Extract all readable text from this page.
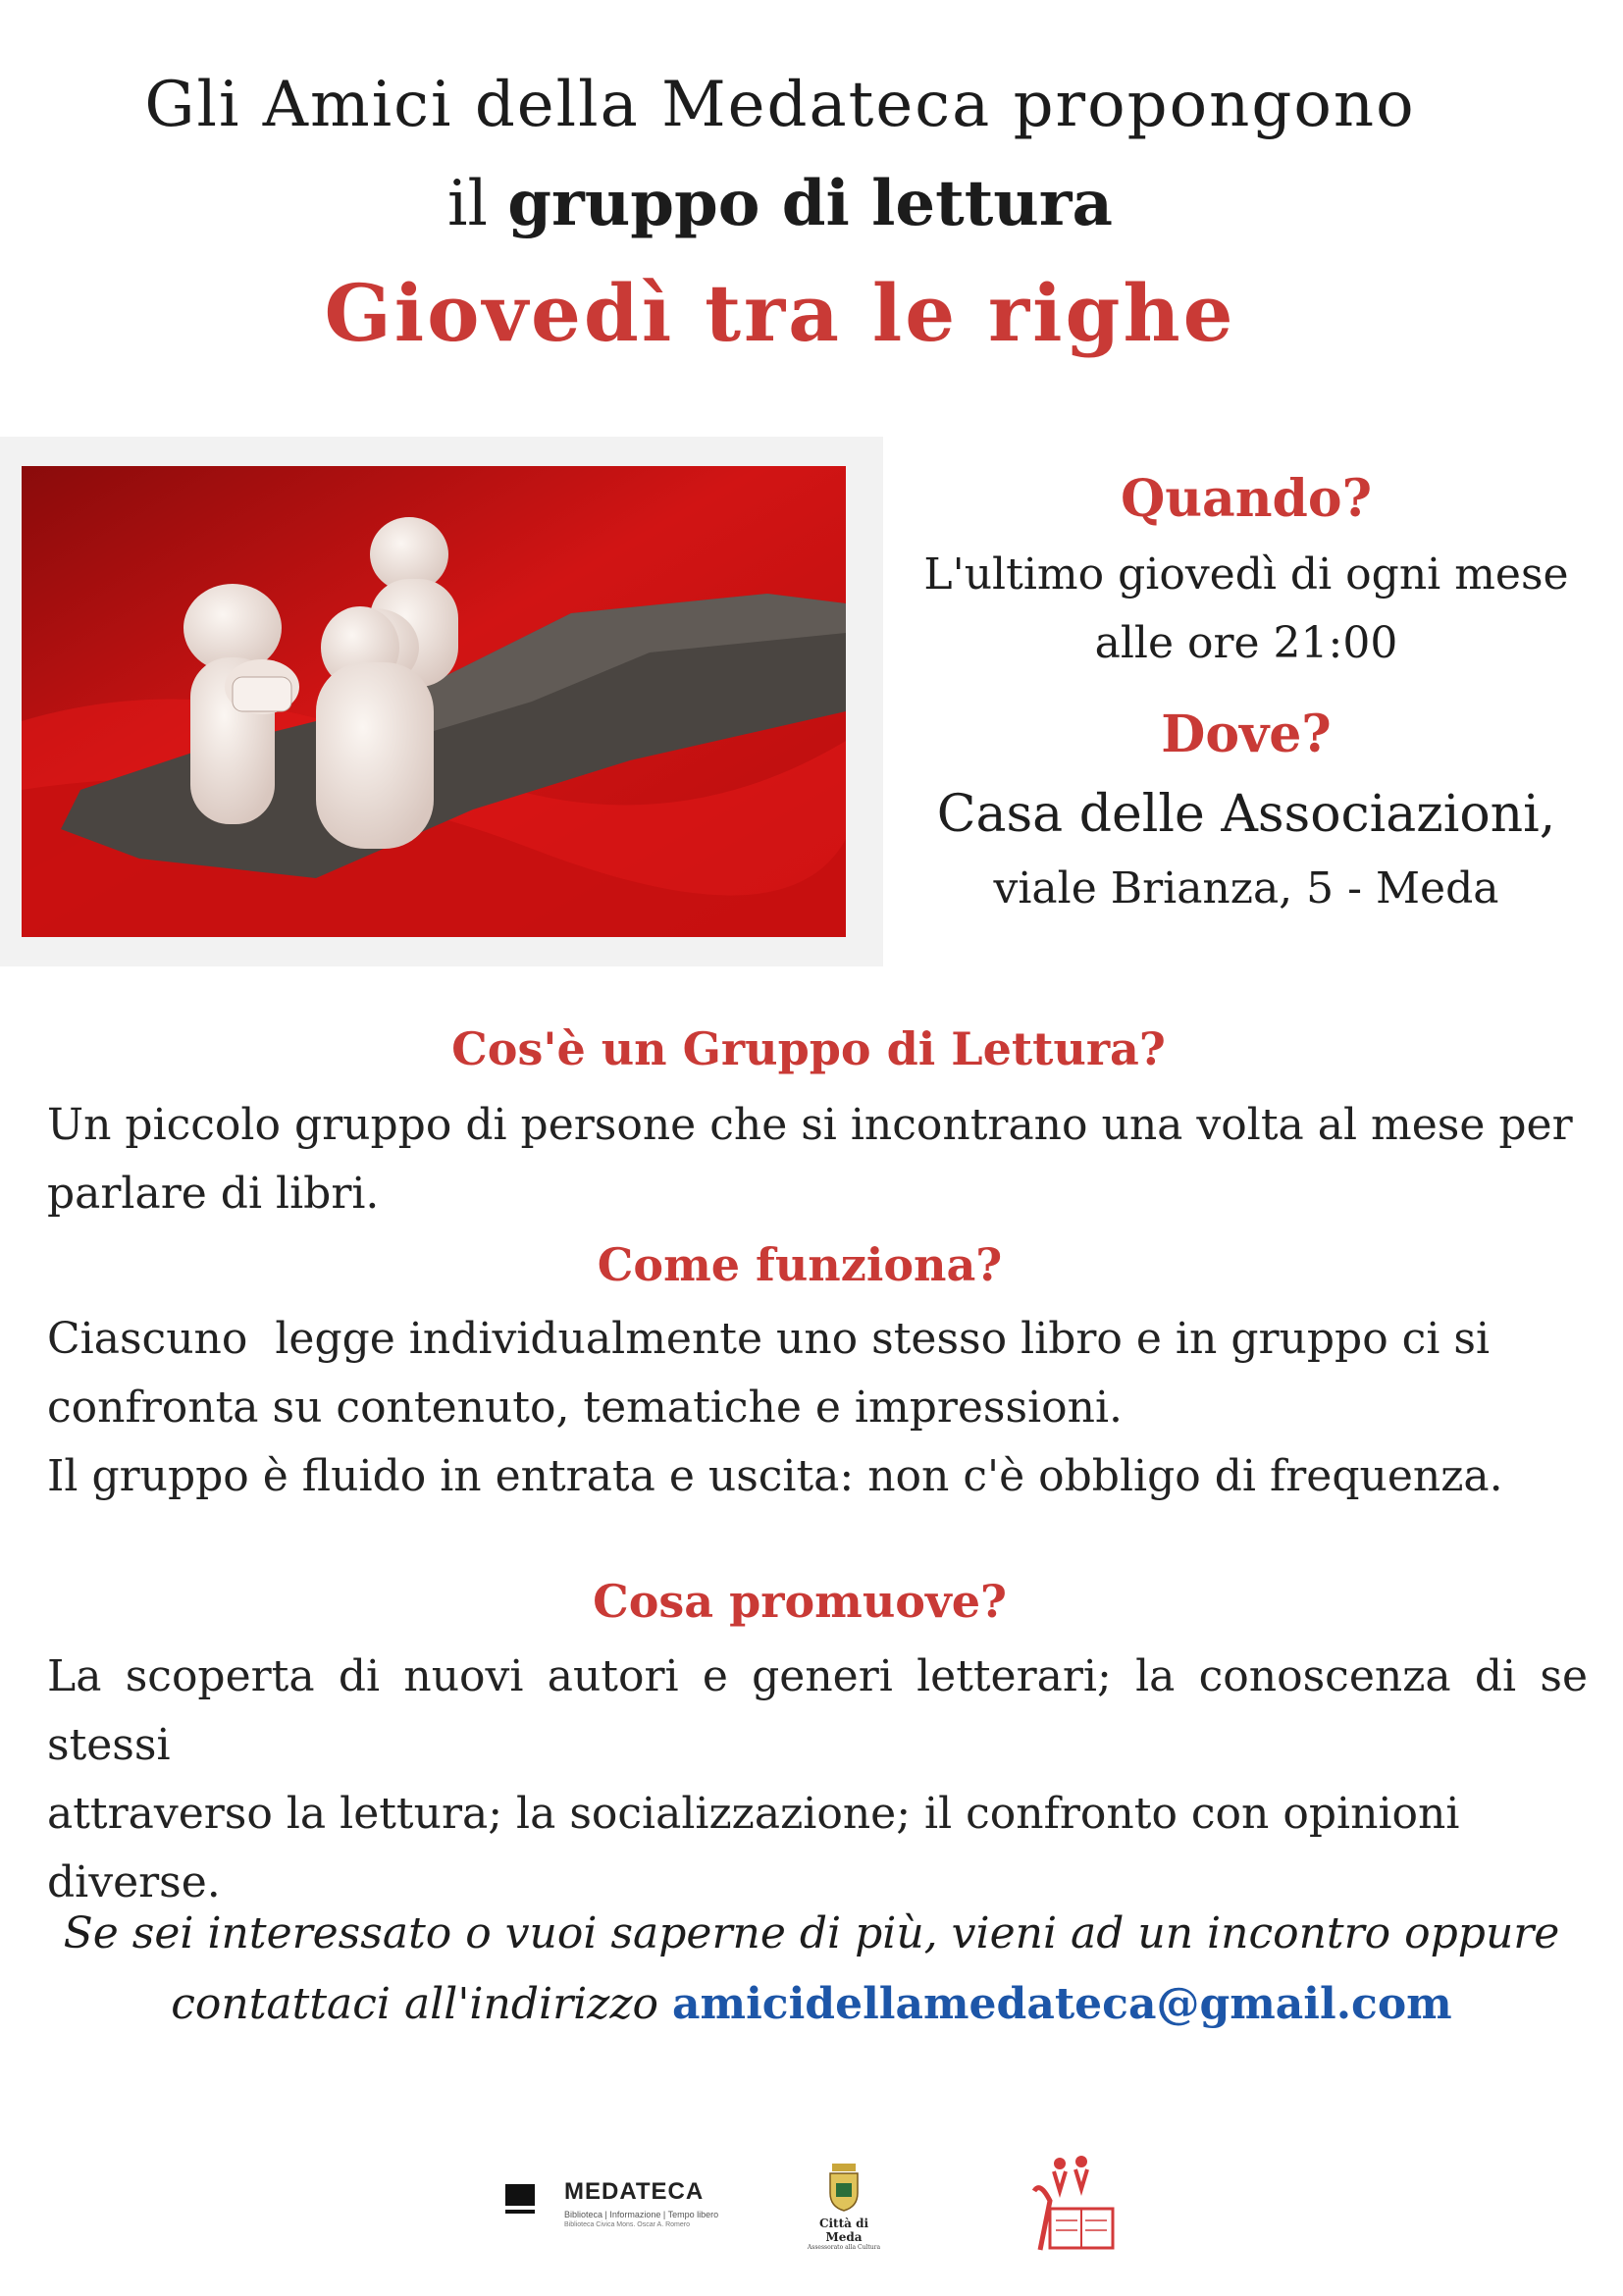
Gli Amici della Medateca propongono
il gruppo di lettura
Giovedì tra le righe
Quando?
L'ultimo giovedì di ogni mese
alle ore 21:00
Dove?
Casa delle Associazioni,
viale Brianza, 5 - Meda
Cos'è un Gruppo di Lettura?
Un piccolo gruppo di persone che si incontrano una volta al mese per
parlare di libri.
Come funziona?
Ciascuno  legge individualmente uno stesso libro e in gruppo ci si
confronta su contenuto, tematiche e impressioni.
Il gruppo è fluido in entrata e uscita: non c'è obbligo di frequenza.
Cosa promuove?
La scoperta di nuovi autori e generi letterari; la conoscenza di se stessi
attraverso la lettura; la socializzazione; il confronto con opinioni diverse.
Se sei interessato o vuoi saperne di più, vieni ad un incontro oppure
contattaci all'indirizzo amicidellamedateca@gmail.com
MEDATECA
Biblioteca | Informazione | Tempo libero
Biblioteca Civica Mons. Oscar A. Romero	Città di Meda
Assessorato alla Cultura
